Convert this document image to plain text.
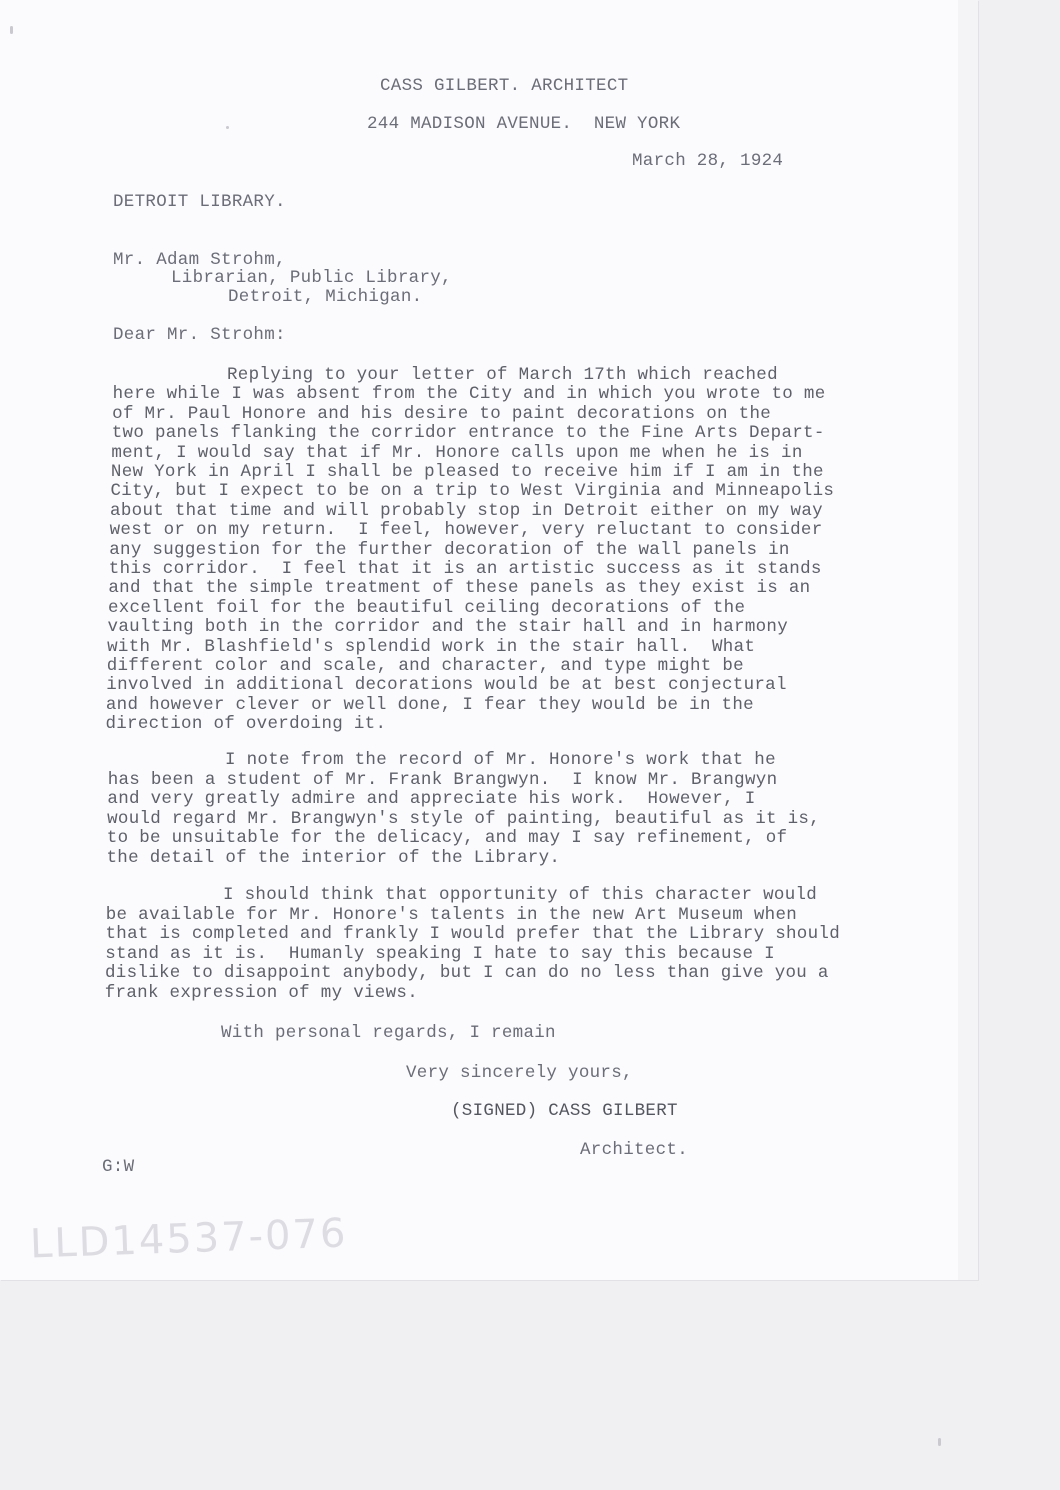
CASS GILBERT. ARCHITECT
244 MADISON AVENUE.  NEW YORK
March 28, 1924
DETROIT LIBRARY.
Mr. Adam Strohm,
Librarian, Public Library,
Detroit, Michigan.
Dear Mr. Strohm:
Replying to your letter of March 17th which reached
here while I was absent from the City and in which you wrote to me
of Mr. Paul Honore and his desire to paint decorations on the
two panels flanking the corridor entrance to the Fine Arts Depart-
ment, I would say that if Mr. Honore calls upon me when he is in
New York in April I shall be pleased to receive him if I am in the
City, but I expect to be on a trip to West Virginia and Minneapolis
about that time and will probably stop in Detroit either on my way
west or on my return.  I feel, however, very reluctant to consider
any suggestion for the further decoration of the wall panels in
this corridor.  I feel that it is an artistic success as it stands
and that the simple treatment of these panels as they exist is an
excellent foil for the beautiful ceiling decorations of the
vaulting both in the corridor and the stair hall and in harmony
with Mr. Blashfield's splendid work in the stair hall.  What
different color and scale, and character, and type might be
involved in additional decorations would be at best conjectural
and however clever or well done, I fear they would be in the
direction of overdoing it.
I note from the record of Mr. Honore's work that he
has been a student of Mr. Frank Brangwyn.  I know Mr. Brangwyn
and very greatly admire and appreciate his work.  However, I
would regard Mr. Brangwyn's style of painting, beautiful as it is,
to be unsuitable for the delicacy, and may I say refinement, of
the detail of the interior of the Library.
I should think that opportunity of this character would
be available for Mr. Honore's talents in the new Art Museum when
that is completed and frankly I would prefer that the Library should
stand as it is.  Humanly speaking I hate to say this because I
dislike to disappoint anybody, but I can do no less than give you a
frank expression of my views.
With personal regards, I remain
Very sincerely yours,
(SIGNED) CASS GILBERT
Architect.
G:W
LLD14537-076
